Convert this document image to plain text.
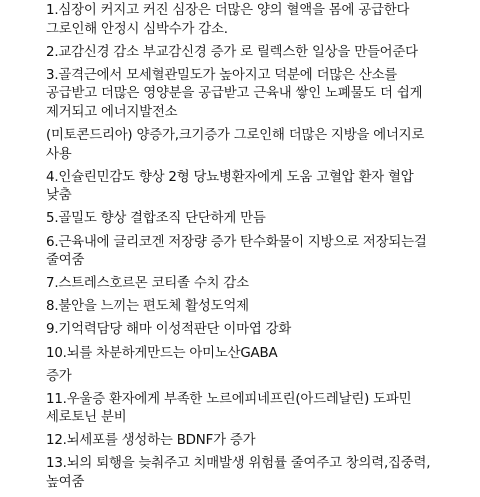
1.심장이 커지고 커진 심장은 더많은 양의 혈액을 몸에 공급한다 그로인해 안정시 심박수가 감소.

2.교감신경 감소 부교감신경 증가 로 릴렉스한 일상을 만들어준다

3.골격근에서 모세혈관밀도가 높아지고 덕분에 더많은 산소를 공급받고 더많은 영양분을 공급받고 근육내 쌓인 노폐물도 더 쉽게 제거되고 에너지발전소

(미토콘드리아) 양증가,크기증가 그로인해 더많은 지방을 에너지로 사용

4.인슐린민감도 향상 2형 당뇨병환자에게 도움 고혈압 환자 혈압 낮춤

5.골밀도 향상 결합조직 단단하게 만듬

6.근육내에 글리코겐 저장량 증가 탄수화물이 지방으로 저장되는걸 줄여줌

7.스트레스호르몬 코티졸 수치 감소

8.불안을 느끼는 편도체 활성도억제

9.기억력담당 해마 이성적판단 이마엽 강화

10.뇌를 차분하게만드는 아미노산GABA

증가

11.우울증 환자에게 부족한 노르에피네프린(아드레날린) 도파민 세로토닌 분비

12.뇌세포를 생성하는 BDNF가 증가

13.뇌의 퇴행을 늦춰주고 치매발생 위험률 줄여주고 창의력,집중력,높여줌
